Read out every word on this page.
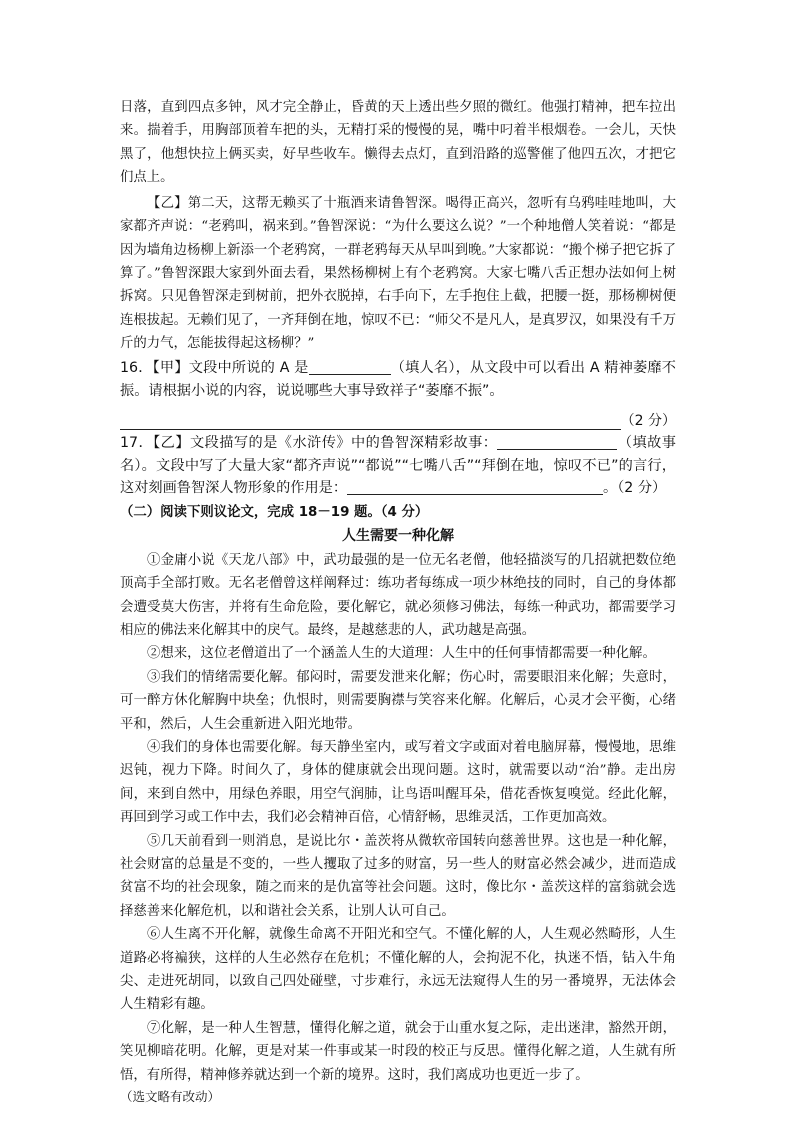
日落，直到四点多钟，风才完全静止，昏黄的天上透出些夕照的微红。他强打精神，把车拉出来。揣着手，用胸部顶着车把的头，无精打采的慢慢的晃，嘴中叼着半根烟卷。一会儿，天快黑了，他想快拉上俩买卖，好早些收车。懒得去点灯，直到沿路的巡警催了他四五次，才把它们点上。

【乙】第二天，这帮无赖买了十瓶酒来请鲁智深。喝得正高兴，忽听有乌鸦哇哇地叫，大家都齐声说：“老鸦叫，祸来到。”鲁智深说：“为什么要这么说？”一个种地僧人笑着说：“都是因为墙角边杨柳上新添一个老鸦窝，一群老鸦每天从早叫到晚。”大家都说：“搬个梯子把它拆了算了。”鲁智深跟大家到外面去看，果然杨柳树上有个老鸦窝。大家七嘴八舌正想办法如何上树拆窝。只见鲁智深走到树前，把外衣脱掉，右手向下，左手抱住上截，把腰一挺，那杨柳树便连根拔起。无赖们见了，一齐拜倒在地，惊叹不已：“师父不是凡人，是真罗汉，如果没有千万斤的力气，怎能拔得起这杨柳？”

16．【甲】文段中所说的 A 是	（填人名），从文段中可以看出 A 精神萎靡不振。请根据小说的内容，说说哪些大事导致祥子“萎靡不振”。

（2 分）

17．【乙】文段描写的是《水浒传》中的鲁智深精彩故事：	（填故事名）。文段中写了大量大家“都齐声说”“都说”“七嘴八舌”“拜倒在地，惊叹不已”的言行，这对刻画鲁智深人物形象的作用是：	。（2 分）

（二）阅读下则议论文，完成 18－19 题。（4 分）

人生需要一种化解

①金庸小说《天龙八部》中，武功最强的是一位无名老僧，他轻描淡写的几招就把数位绝顶高手全部打败。无名老僧曾这样阐释过：练功者每练成一项少林绝技的同时，自己的身体都会遭受莫大伤害，并将有生命危险，要化解它，就必须修习佛法，每练一种武功，都需要学习相应的佛法来化解其中的戾气。最终，是越慈悲的人，武功越是高强。

②想来，这位老僧道出了一个涵盖人生的大道理：人生中的任何事情都需要一种化解。

③我们的情绪需要化解。郁闷时，需要发泄来化解；伤心时，需要眼泪来化解；失意时，可一醉方休化解胸中块垒；仇恨时，则需要胸襟与笑容来化解。化解后，心灵才会平衡，心绪平和，然后，人生会重新进入阳光地带。

④我们的身体也需要化解。每天静坐室内，或写着文字或面对着电脑屏幕，慢慢地，思维迟钝，视力下降。时间久了，身体的健康就会出现问题。这时，就需要以动“治”静。走出房间，来到自然中，用绿色养眼，用空气润肺，让鸟语叫醒耳朵，借花香恢复嗅觉。经此化解，再回到学习或工作中去，我们必会精神百倍，心情舒畅，思维灵活，工作更加高效。

⑤几天前看到一则消息，是说比尔・盖茨将从微软帝国转向慈善世界。这也是一种化解，社会财富的总量是不变的，一些人攫取了过多的财富，另一些人的财富必然会减少，进而造成贫富不均的社会现象，随之而来的是仇富等社会问题。这时，像比尔・盖茨这样的富翁就会选择慈善来化解危机，以和谐社会关系，让别人认可自己。

⑥人生离不开化解，就像生命离不开阳光和空气。不懂化解的人，人生观必然畸形，人生道路必将褊狭，这样的人生必然存在危机；不懂化解的人，会拘泥不化，执迷不悟，钻入牛角尖、走进死胡同，以致自己四处碰壁，寸步难行，永远无法窥得人生的另一番境界，无法体会人生精彩有趣。

⑦化解，是一种人生智慧，懂得化解之道，就会于山重水复之际，走出迷津，豁然开朗，笑见柳暗花明。化解，更是对某一件事或某一时段的校正与反思。懂得化解之道，人生就有所悟，有所得，精神修养就达到一个新的境界。这时，我们离成功也更近一步了。

（选文略有改动）
